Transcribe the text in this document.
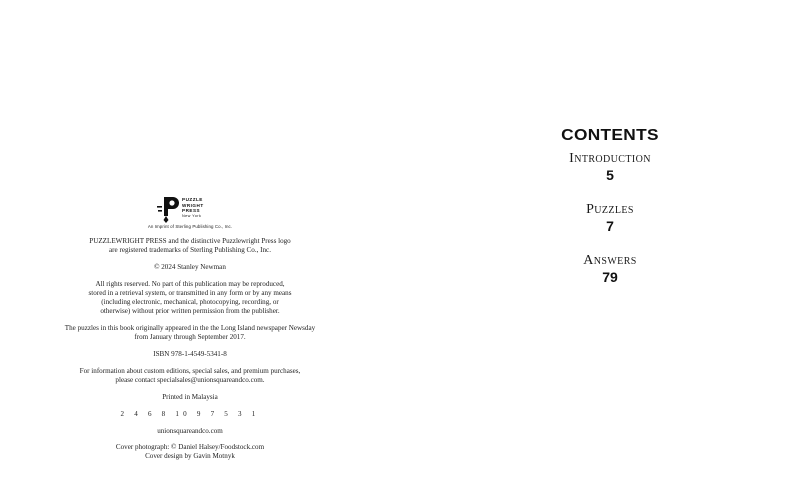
PUZZLE
WRIGHT
PRESS
New York
An Imprint of Sterling Publishing Co., Inc.

PUZZLEWRIGHT PRESS and the distinctive Puzzlewright Press logo
are registered trademarks of Sterling Publishing Co., Inc.

© 2024 Stanley Newman

All rights reserved. No part of this publication may be reproduced,
stored in a retrieval system, or transmitted in any form or by any means
(including electronic, mechanical, photocopying, recording, or
otherwise) without prior written permission from the publisher.

The puzzles in this book originally appeared in the the Long Island newspaper Newsday
from January through September 2017.

ISBN 978-1-4549-5341-8

For information about custom editions, special sales, and premium purchases,
please contact specialsales@unionsquareandco.com.

Printed in Malaysia

2 4 6 8 10 9 7 5 3 1

unionsquareandco.com

Cover photograph: © Daniel Halsey/Foodstock.com
Cover design by Gavin Motnyk

CONTENTS
Introduction
5
Puzzles
7
Answers
79
